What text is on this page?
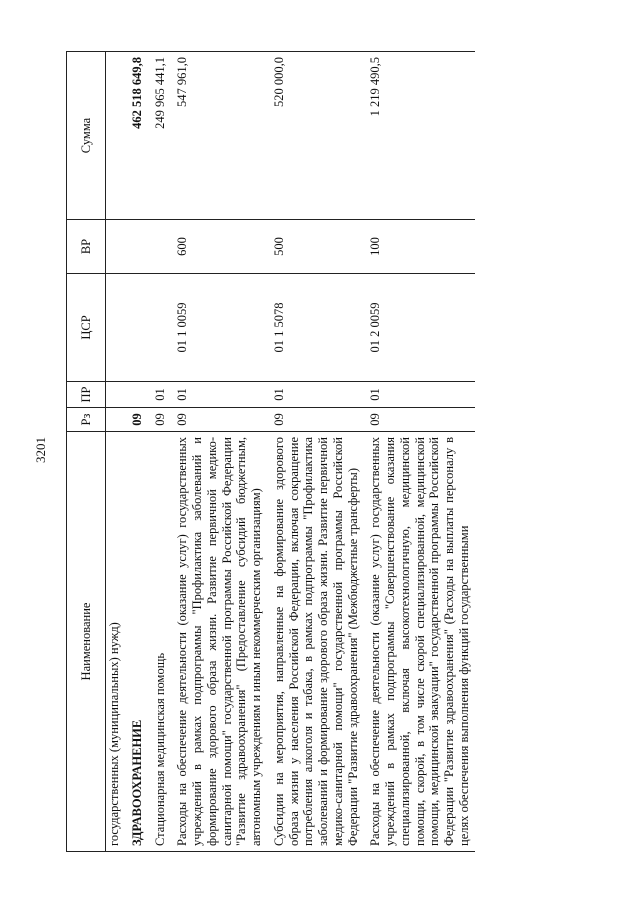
3201
Наименование	Рз	ПР	ЦСР	ВР	Сумма
государственных (муниципальных) нужд)					
ЗДРАВООХРАНЕНИЕ	09				462 518 649,8
Стационарная медицинская помощь	09	01			249 965 441,1
Расходы на обеспечение деятельности (оказание услуг) государственных учреждений в рамках подпрограммы "Профилактика заболеваний и формирование здорового образа жизни. Развитие первичной медико-санитарной помощи" государственной программы Российской Федерации "Развитие здравоохранения" (Предоставление субсидий бюджетным, автономным учреждениям и иным некоммерческим организациям)	09	01	01 1 0059	600	547 961,0
Субсидии на мероприятия, направленные на формирование здорового образа жизни у населения Российской Федерации, включая сокращение потребления алкоголя и табака, в рамках подпрограммы "Профилактика заболеваний и формирование здорового образа жизни. Развитие первичной медико-санитарной помощи" государственной программы Российской Федерации "Развитие здравоохранения" (Межбюджетные трансферты)	09	01	01 1 5078	500	520 000,0
Расходы на обеспечение деятельности (оказание услуг) государственных учреждений в рамках подпрограммы "Совершенствование оказания специализированной, включая высокотехнологичную, медицинской помощи, скорой, в том числе скорой специализированной, медицинской помощи, медицинской эвакуации" государственной программы Российской Федерации "Развитие здравоохранения" (Расходы на выплаты персоналу в целях обеспечения выполнения функций государственными	09	01	01 2 0059	100	1 219 490,5
